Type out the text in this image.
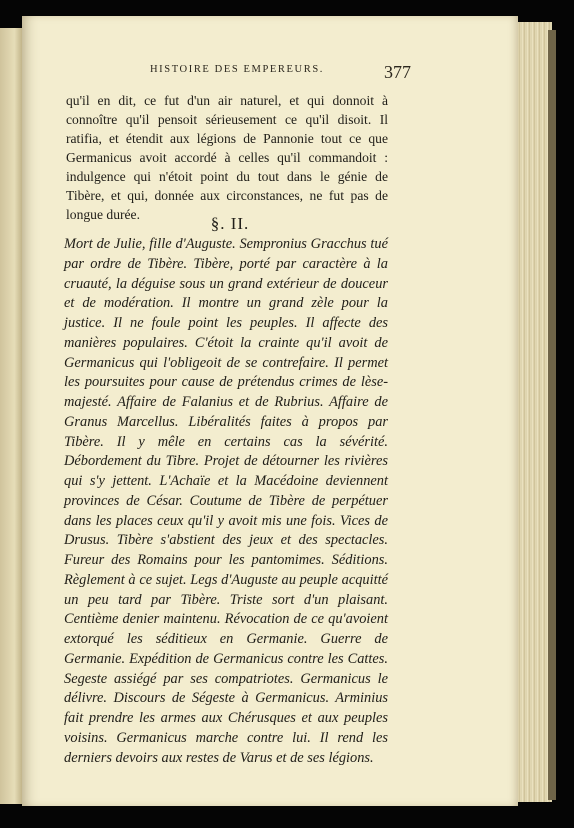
HISTOIRE DES EMPEREURS.	377

qu'il en dit, ce fut d'un air naturel, et qui donnoit à connoître qu'il pensoit sérieusement ce qu'il disoit. Il ratifia, et étendit aux légions de Pannonie tout ce que Germanicus avoit accordé à celles qu'il commandoit : indulgence qui n'étoit point du tout dans le génie de Tibère, et qui, donnée aux circonstances, ne fut pas de longue durée.	§. II.

Mort de Julie, fille d'Auguste. Sempronius Gracchus tué par ordre de Tibère. Tibère, porté par caractère à la cruauté, la déguise sous un grand extérieur de douceur et de modération. Il montre un grand zèle pour la justice. Il ne foule point les peuples. Il affecte des manières populaires. C'étoit la crainte qu'il avoit de Germanicus qui l'obligeoit de se contrefaire. Il permet les poursuites pour cause de prétendus crimes de lèse-majesté. Affaire de Falanius et de Rubrius. Affaire de Granus Marcellus. Libéralités faites à propos par Tibère. Il y mêle en certains cas la sévérité. Débordement du Tibre. Projet de détourner les rivières qui s'y jettent. L'Achaïe et la Macédoine deviennent provinces de César. Coutume de Tibère de perpétuer dans les places ceux qu'il y avoit mis une fois. Vices de Drusus. Tibère s'abstient des jeux et des spectacles. Fureur des Romains pour les pantomimes. Séditions. Règlement à ce sujet. Legs d'Auguste au peuple acquitté un peu tard par Tibère. Triste sort d'un plaisant. Centième denier maintenu. Révocation de ce qu'avoient extorqué les séditieux en Germanie. Guerre de Germanie. Expédition de Germanicus contre les Cattes. Segeste assiégé par ses compatriotes. Germanicus le délivre. Discours de Ségeste à Germanicus. Arminius fait prendre les armes aux Chérusques et aux peuples voisins. Germanicus marche contre lui. Il rend les derniers devoirs aux restes de Varus et de ses légions.
